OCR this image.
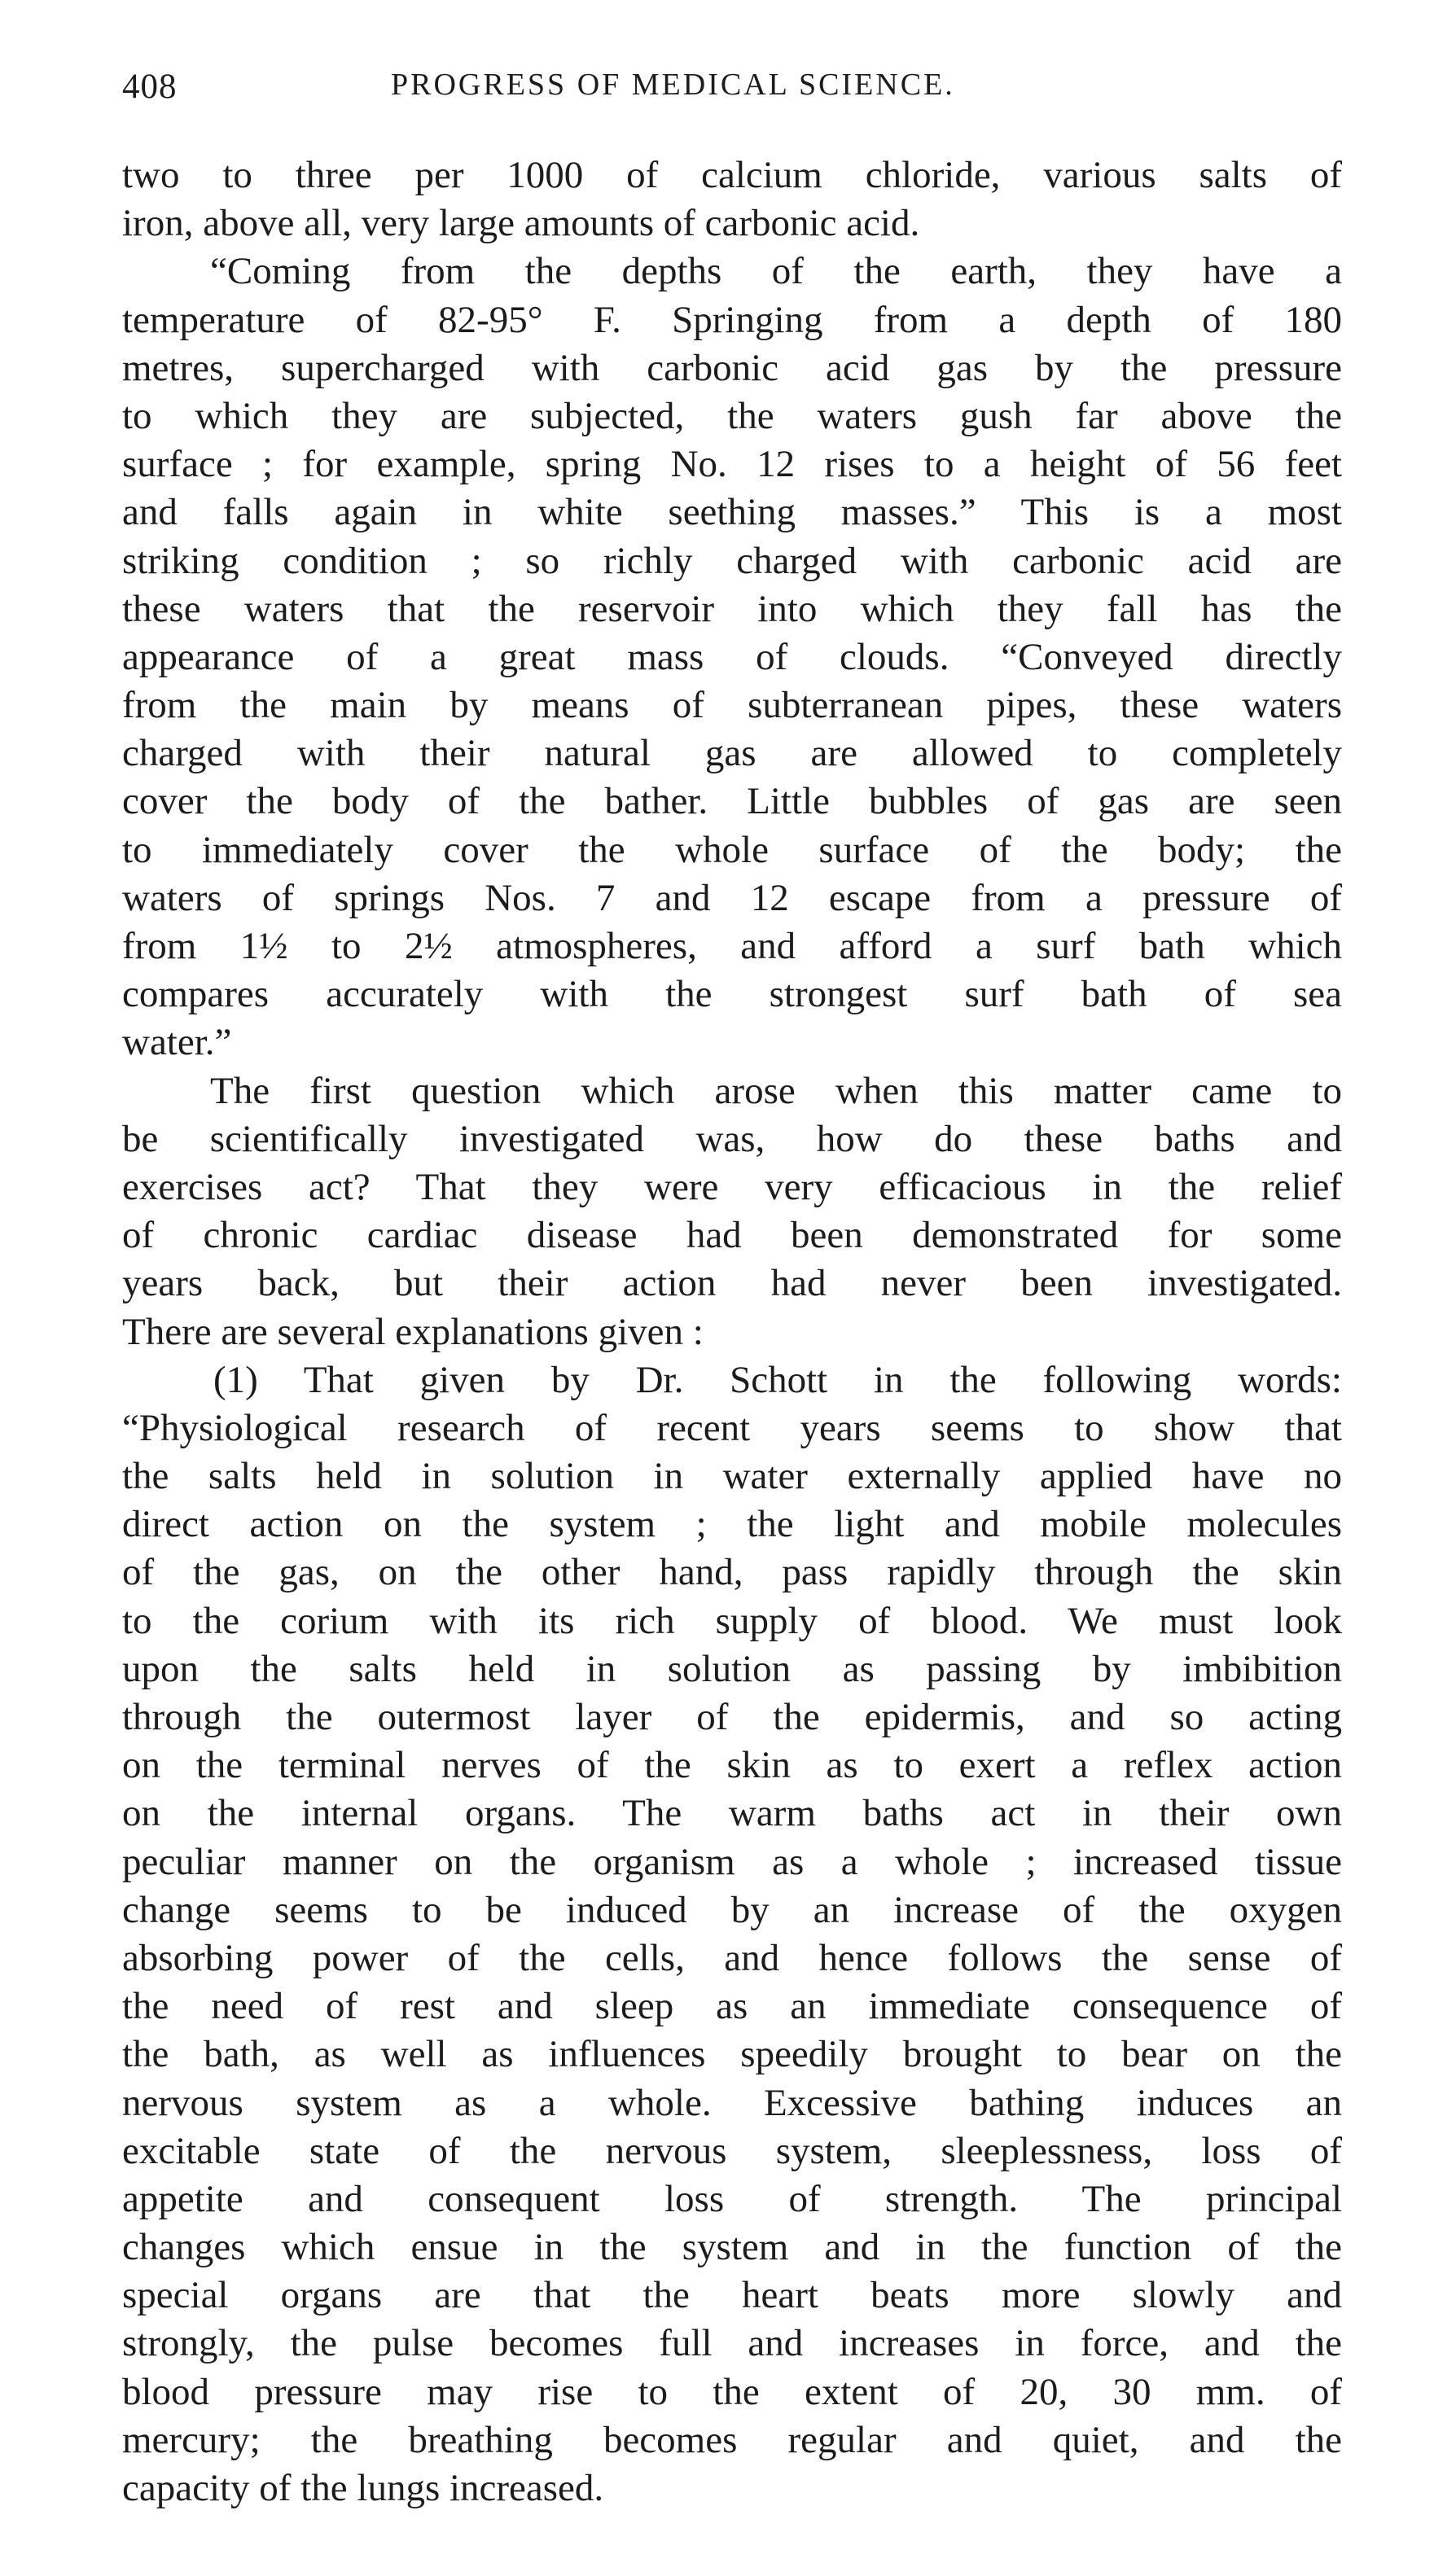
408	PROGRESS OF MEDICAL SCIENCE.
two to three per 1000 of calcium chloride, various salts of
iron, above all, very large amounts of carbonic acid.
“Coming from the depths of the earth, they have a
temperature of 82-95° F. Springing from a depth of 180
metres, supercharged with carbonic acid gas by the pressure
to which they are subjected, the waters gush far above the
surface ; for example, spring No. 12 rises to a height of 56 feet
and falls again in white seething masses.” This is a most
striking condition ; so richly charged with carbonic acid are
these waters that the reservoir into which they fall has the
appearance of a great mass of clouds. “Conveyed directly
from the main by means of subterranean pipes, these waters
charged with their natural gas are allowed to completely
cover the body of the bather. Little bubbles of gas are seen
to immediately cover the whole surface of the body; the
waters of springs Nos. 7 and 12 escape from a pressure of
from 1½ to 2½ atmospheres, and afford a surf bath which
compares accurately with the strongest surf bath of sea
water.”
The first question which arose when this matter came to
be scientifically investigated was, how do these baths and
exercises act? That they were very efficacious in the relief
of chronic cardiac disease had been demonstrated for some
years back, but their action had never been investigated.
There are several explanations given :
(1) That given by Dr. Schott in the following words:
“Physiological research of recent years seems to show that
the salts held in solution in water externally applied have no
direct action on the system ; the light and mobile molecules
of the gas, on the other hand, pass rapidly through the skin
to the corium with its rich supply of blood. We must look
upon the salts held in solution as passing by imbibition
through the outermost layer of the epidermis, and so acting
on the terminal nerves of the skin as to exert a reflex action
on the internal organs. The warm baths act in their own
peculiar manner on the organism as a whole ; increased tissue
change seems to be induced by an increase of the oxygen
absorbing power of the cells, and hence follows the sense of
the need of rest and sleep as an immediate consequence of
the bath, as well as influences speedily brought to bear on the
nervous system as a whole. Excessive bathing induces an
excitable state of the nervous system, sleeplessness, loss of
appetite and consequent loss of strength. The principal
changes which ensue in the system and in the function of the
special organs are that the heart beats more slowly and
strongly, the pulse becomes full and increases in force, and the
blood pressure may rise to the extent of 20, 30 mm. of
mercury; the breathing becomes regular and quiet, and the
capacity of the lungs increased.
